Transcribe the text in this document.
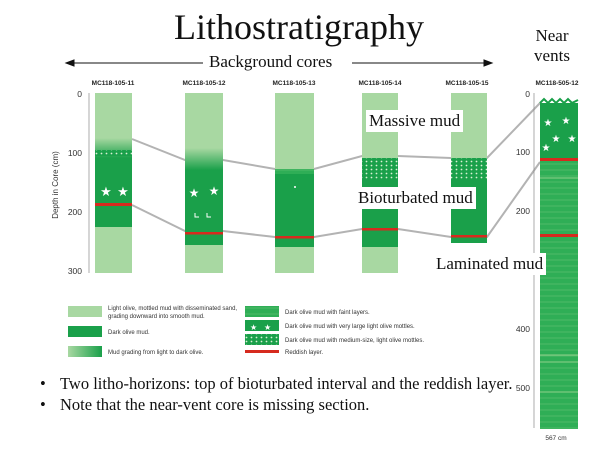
Lithostratigraphy
Background cores
Near
vents
Depth in Core (cm)
0
100
200
300
MC118-105-11	MC118-105-12	MC118-105-13	MC118-105-14	MC118-105-15	MC118-505-12
★ ★	★ ★
0
100
200
400
500
★ ★
★ ★
★
567 cm
Light olive, mottled mud with disseminated sand,
grading downward into smooth mud.
Dark olive mud.
Mud grading from light to dark olive.
Dark olive mud with faint layers.
★ ★ Dark olive mud with very large light olive mottles.
Dark olive mud with medium-size, light olive mottles.
Reddish layer.
Massive mud
Bioturbated mud
Laminated mud
• Two litho-horizons: top of bioturbated interval and the reddish layer.
• Note that the near-vent core is missing section.
